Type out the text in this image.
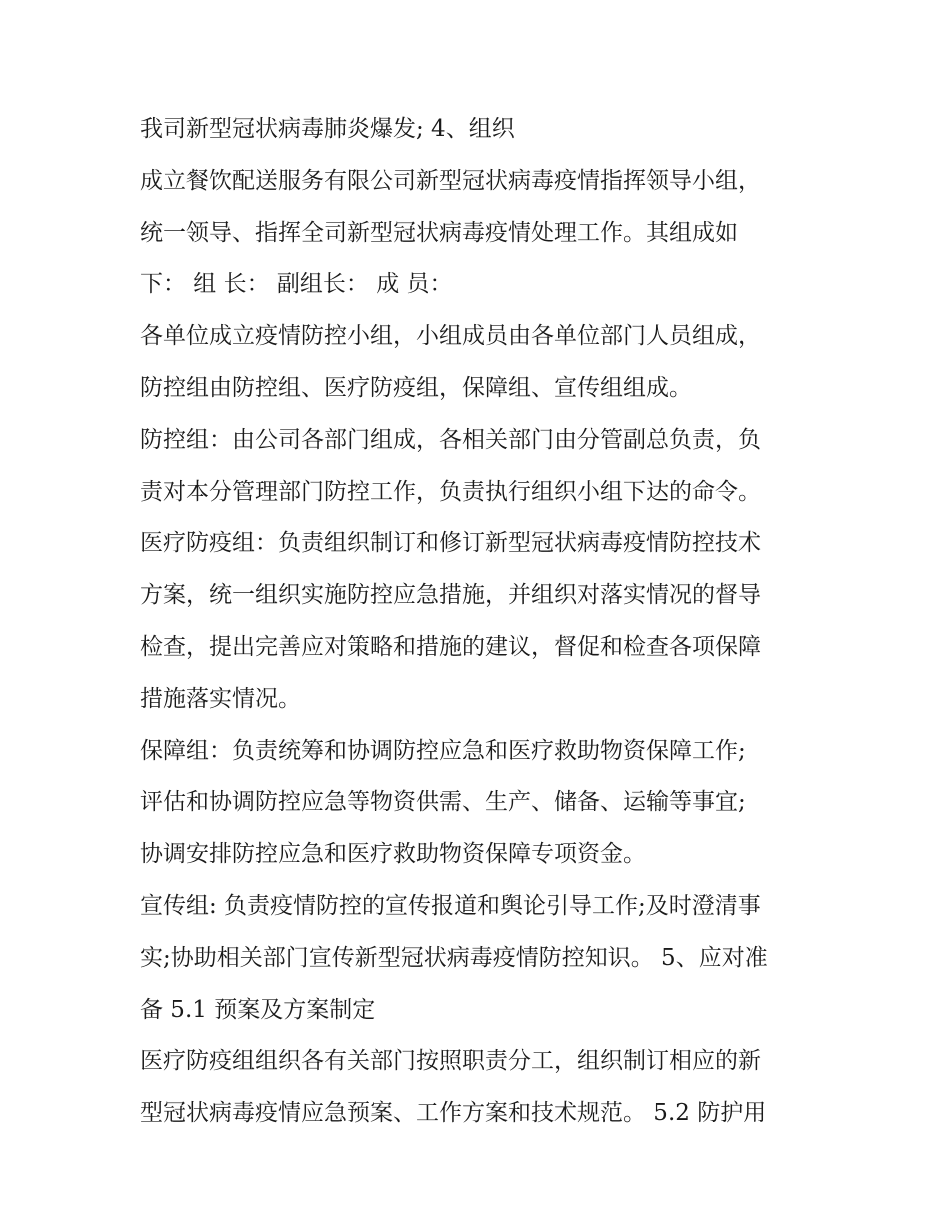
我司新型冠状病毒肺炎爆发; 4、组织
成立餐饮配送服务有限公司新型冠状病毒疫情指挥领导小组，
统一领导、指挥全司新型冠状病毒疫情处理工作。其组成如
下： 组 长： 副组长： 成 员：
各单位成立疫情防控小组，小组成员由各单位部门人员组成，
防控组由防控组、医疗防疫组，保障组、宣传组组成。
防控组：由公司各部门组成，各相关部门由分管副总负责，负
责对本分管理部门防控工作，负责执行组织小组下达的命令。
医疗防疫组：负责组织制订和修订新型冠状病毒疫情防控技术
方案，统一组织实施防控应急措施，并组织对落实情况的督导
检查，提出完善应对策略和措施的建议，督促和检查各项保障
措施落实情况。
保障组：负责统筹和协调防控应急和医疗救助物资保障工作;
评估和协调防控应急等物资供需、生产、储备、运输等事宜;
协调安排防控应急和医疗救助物资保障专项资金。
宣传组: 负责疫情防控的宣传报道和舆论引导工作;及时澄清事
实;协助相关部门宣传新型冠状病毒疫情防控知识。 5、应对准
备 5.1 预案及方案制定
医疗防疫组组织各有关部门按照职责分工，组织制订相应的新
型冠状病毒疫情应急预案、工作方案和技术规范。 5.2 防护用
